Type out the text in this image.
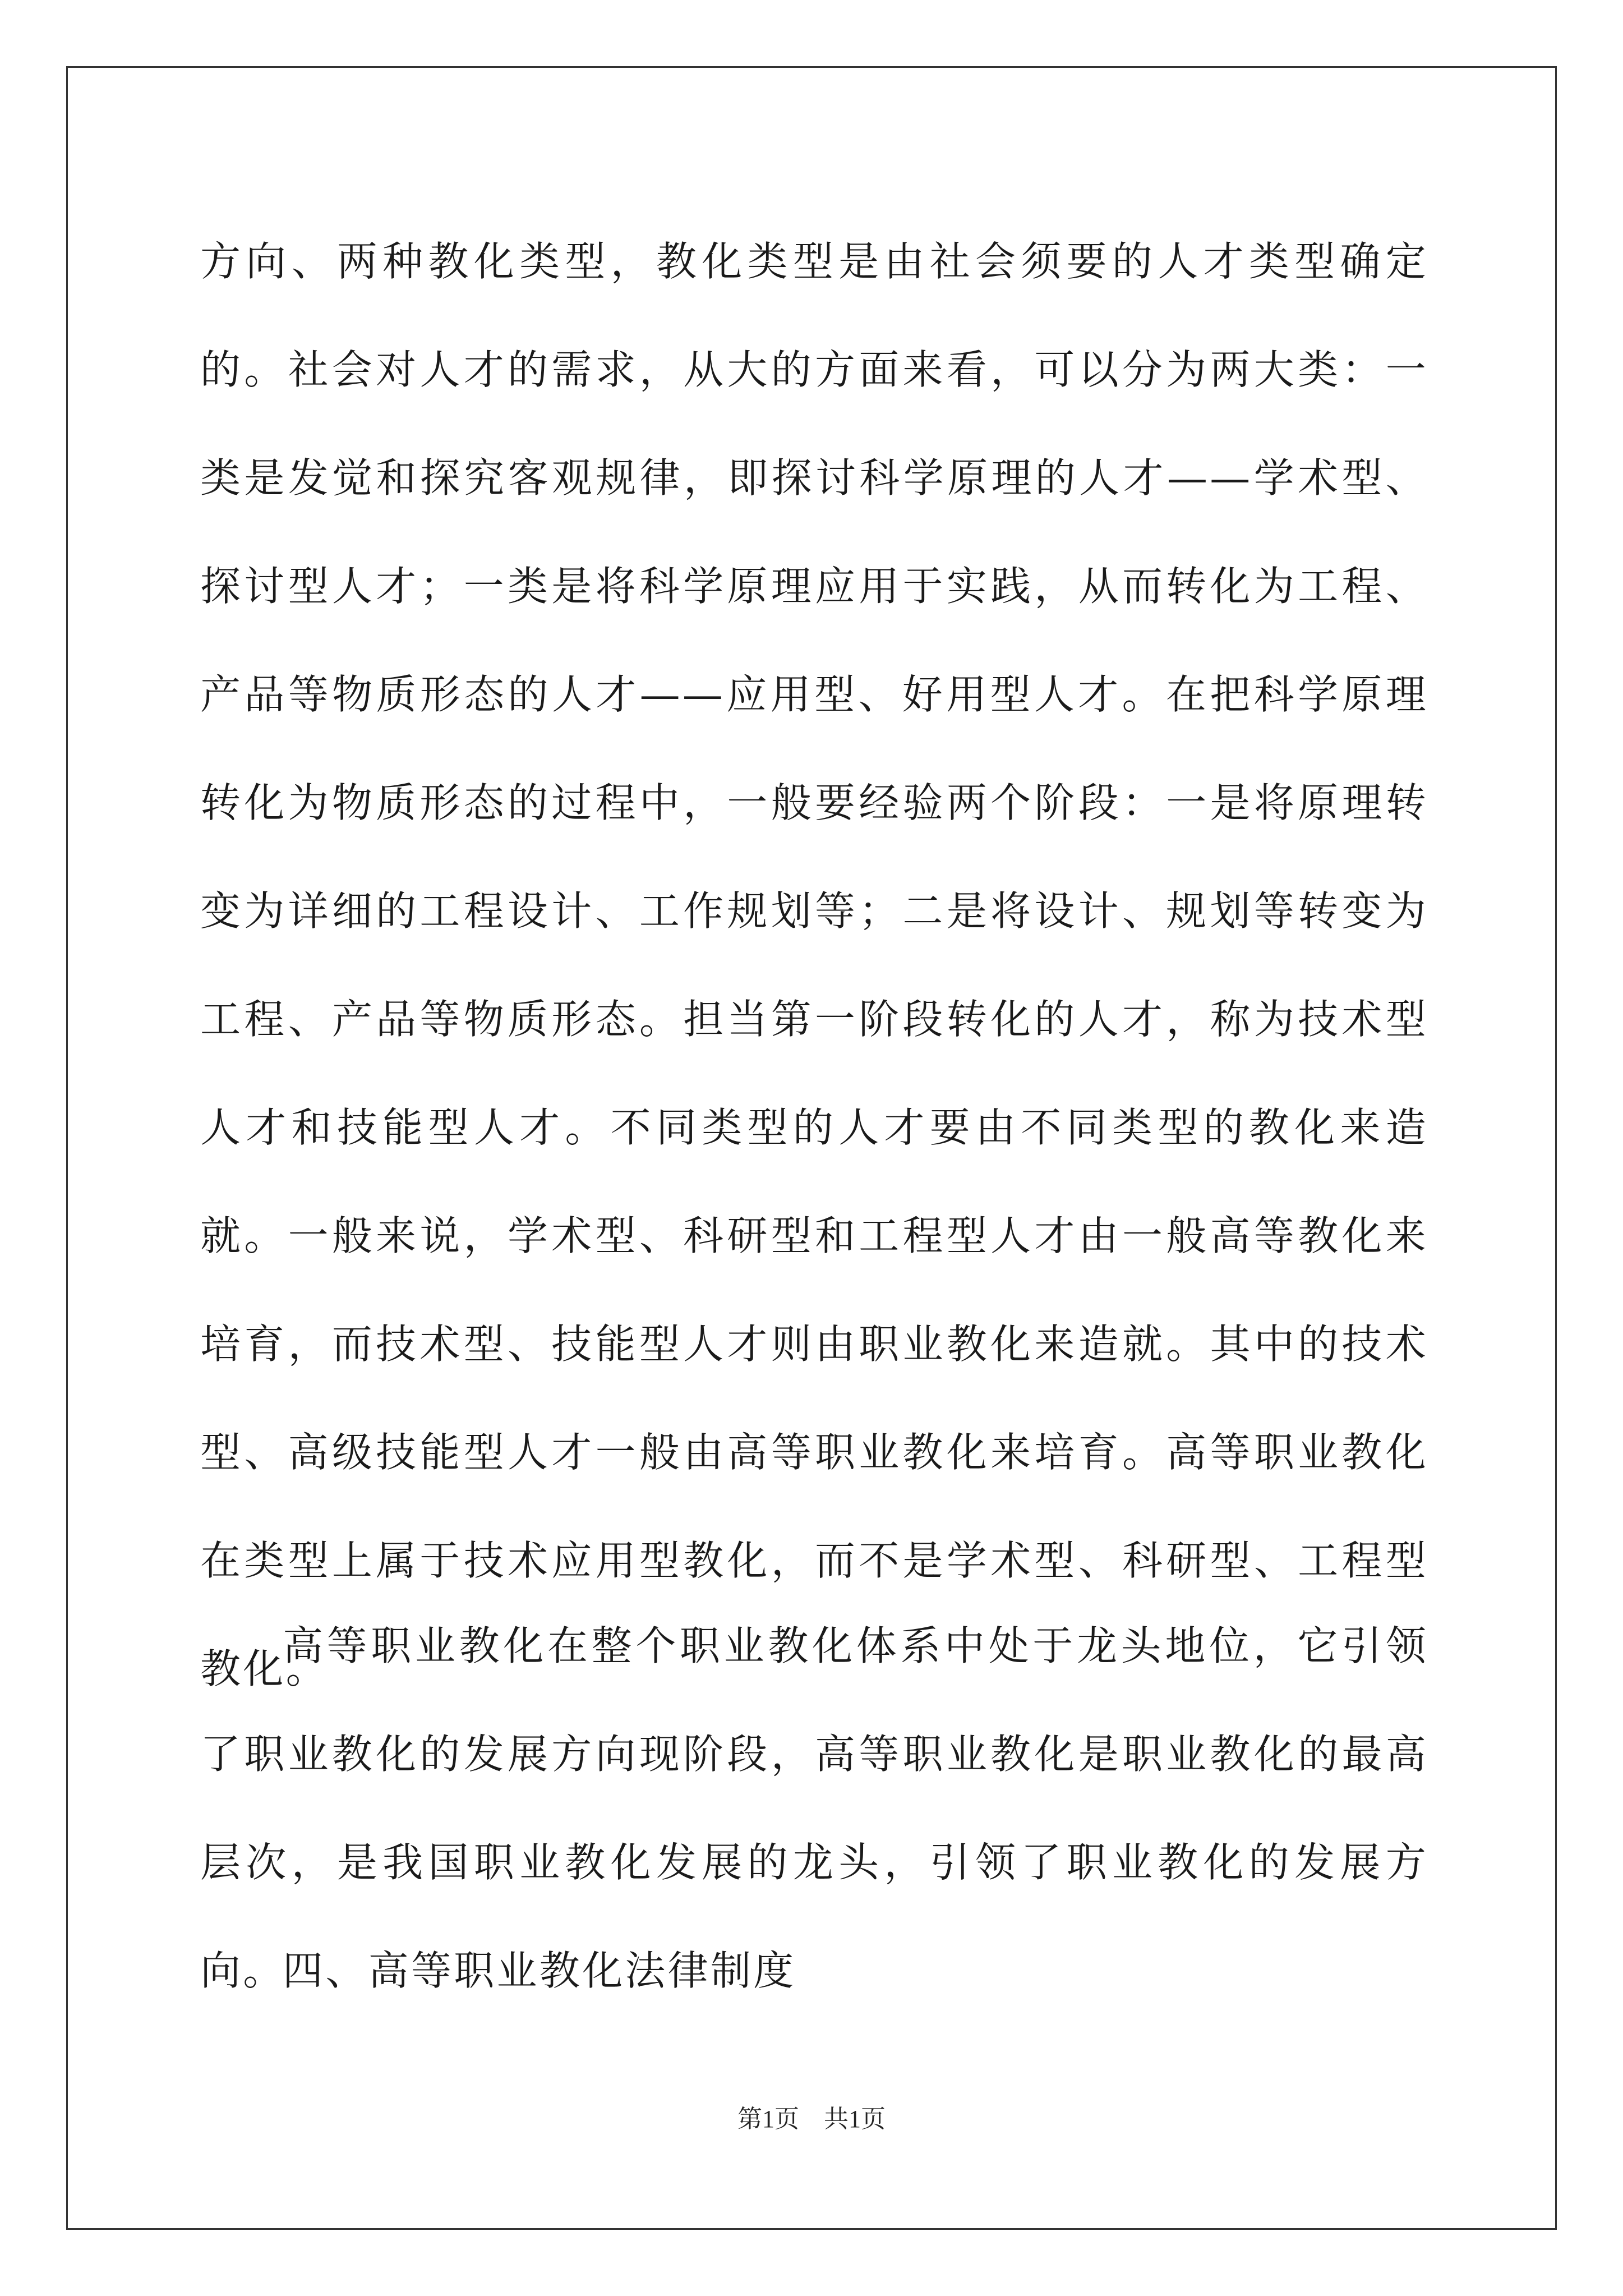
方向、两种教化类型，教化类型是由社会须要的人才类型确定的。社会对人才的需求，从大的方面来看，可以分为两大类：一类是发觉和探究客观规律，即探讨科学原理的人才——学术型、探讨型人才；一类是将科学原理应用于实践，从而转化为工程、产品等物质形态的人才——应用型、好用型人才。在把科学原理转化为物质形态的过程中，一般要经验两个阶段：一是将原理转变为详细的工程设计、工作规划等；二是将设计、规划等转变为工程、产品等物质形态。担当第一阶段转化的人才，称为技术型人才和技能型人才。不同类型的人才要由不同类型的教化来造就。一般来说，学术型、科研型和工程型人才由一般高等教化来培育，而技术型、技能型人才则由职业教化来造就。其中的技术型、高级技能型人才一般由高等职业教化来培育。高等职业教化在类型上属于技术应用型教化，而不是学术型、科研型、工程型教化。

高等职业教化在整个职业教化体系中处于龙头地位，它引领了职业教化的发展方向现阶段，高等职业教化是职业教化的最高层次，是我国职业教化发展的龙头，引领了职业教化的发展方向。

四、高等职业教化法律制度
第1页　共1页
